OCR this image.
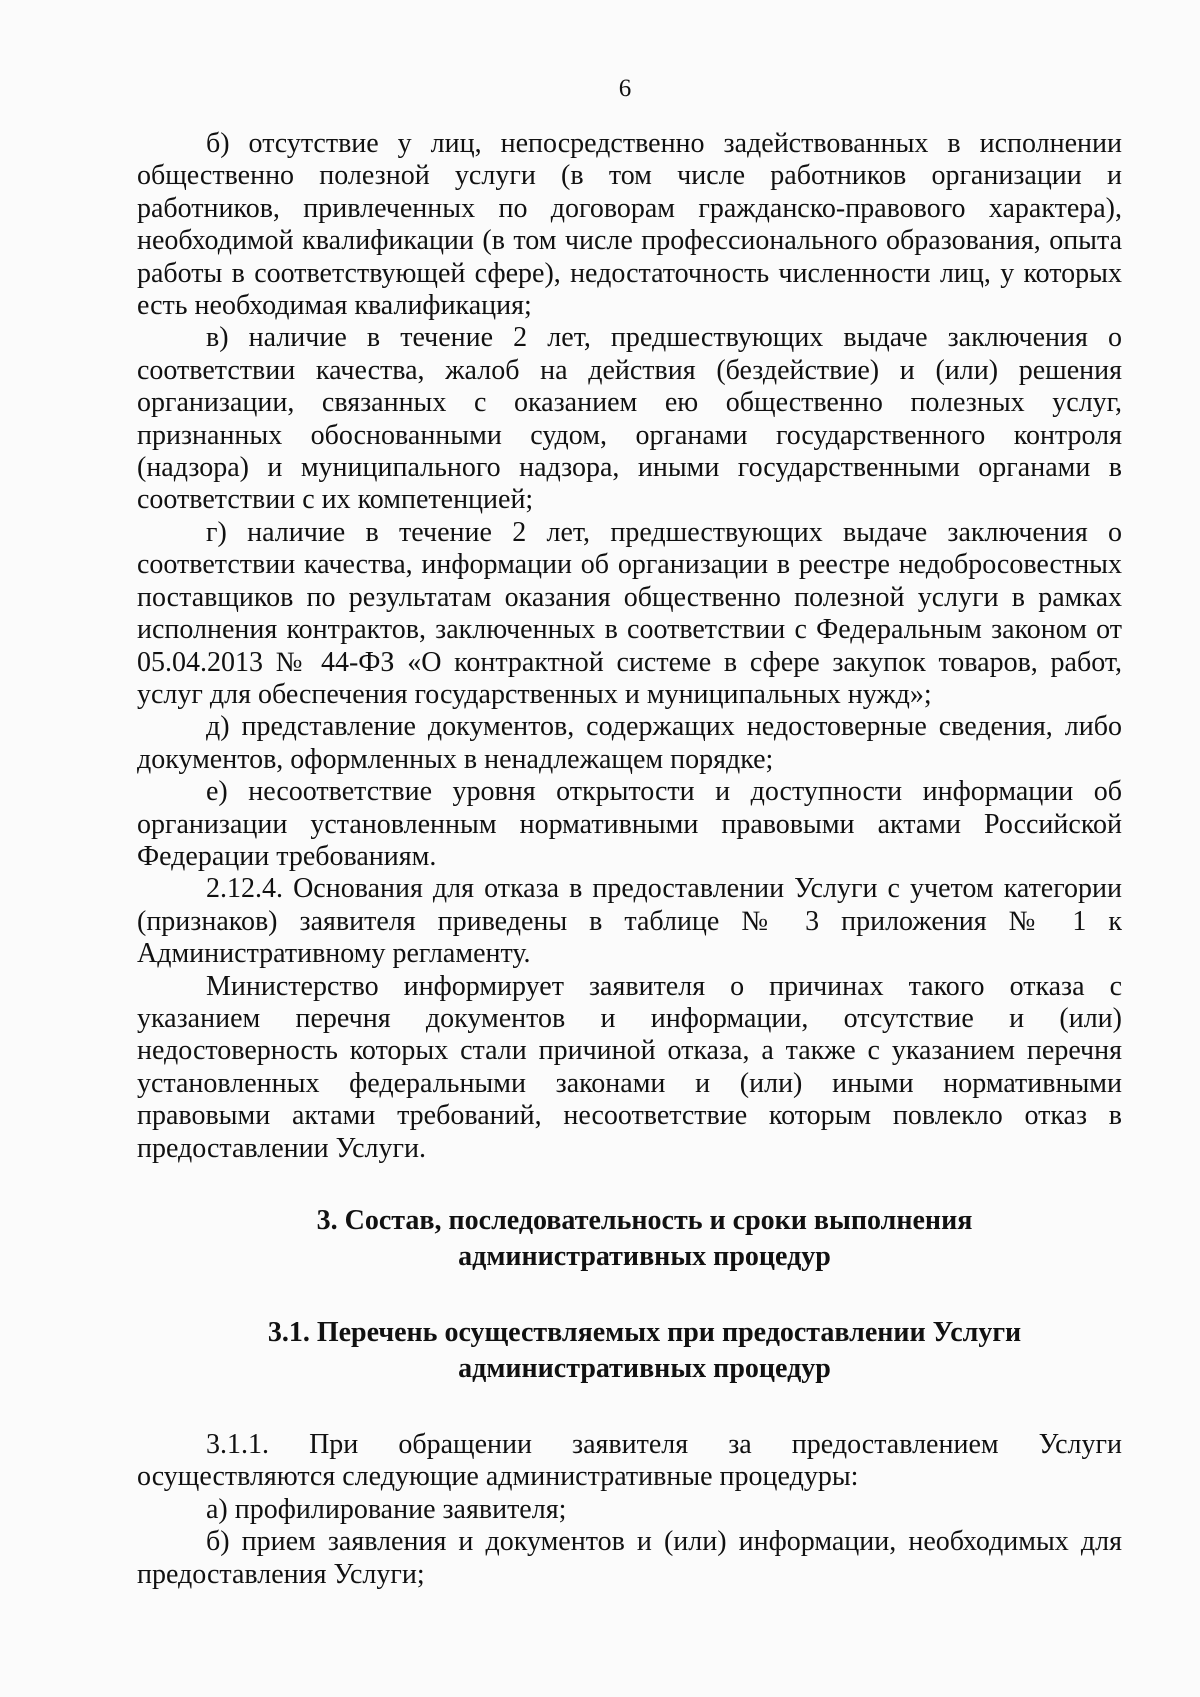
6

б) отсутствие у лиц, непосредственно задействованных в исполнении общественно полезной услуги (в том числе работников организации и работников, привлеченных по договорам гражданско-правового характера), необходимой квалификации (в том числе профессионального образования, опыта работы в соответствующей сфере), недостаточность численности лиц, у которых есть необходимая квалификация;

в) наличие в течение 2 лет, предшествующих выдаче заключения о соответствии качества, жалоб на действия (бездействие) и (или) решения организации, связанных с оказанием ею общественно полезных услуг, признанных обоснованными судом, органами государственного контроля (надзора) и муниципального надзора, иными государственными органами в соответствии с их компетенцией;

г) наличие в течение 2 лет, предшествующих выдаче заключения о соответствии качества, информации об организации в реестре недобросовестных поставщиков по результатам оказания общественно полезной услуги в рамках исполнения контрактов, заключенных в соответствии с Федеральным законом от 05.04.2013 № 44-ФЗ «О контрактной системе в сфере закупок товаров, работ, услуг для обеспечения государственных и муниципальных нужд»;

д) представление документов, содержащих недостоверные сведения, либо документов, оформленных в ненадлежащем порядке;

е) несоответствие уровня открытости и доступности информации об организации установленным нормативными правовыми актами Российской Федерации требованиям.

2.12.4. Основания для отказа в предоставлении Услуги с учетом категории (признаков) заявителя приведены в таблице № 3 приложения № 1 к Административному регламенту.

Министерство информирует заявителя о причинах такого отказа с указанием перечня документов и информации, отсутствие и (или) недостоверность которых стали причиной отказа, а также с указанием перечня установленных федеральными законами и (или) иными нормативными правовыми актами требований, несоответствие которым повлекло отказ в предоставлении Услуги.

3. Состав, последовательность и сроки выполнения
административных процедур
3.1. Перечень осуществляемых при предоставлении Услуги
административных процедур

3.1.1. При обращении заявителя за предоставлением Услуги осуществляются следующие административные процедуры:

а) профилирование заявителя;

б) прием заявления и документов и (или) информации, необходимых для предоставления Услуги;
